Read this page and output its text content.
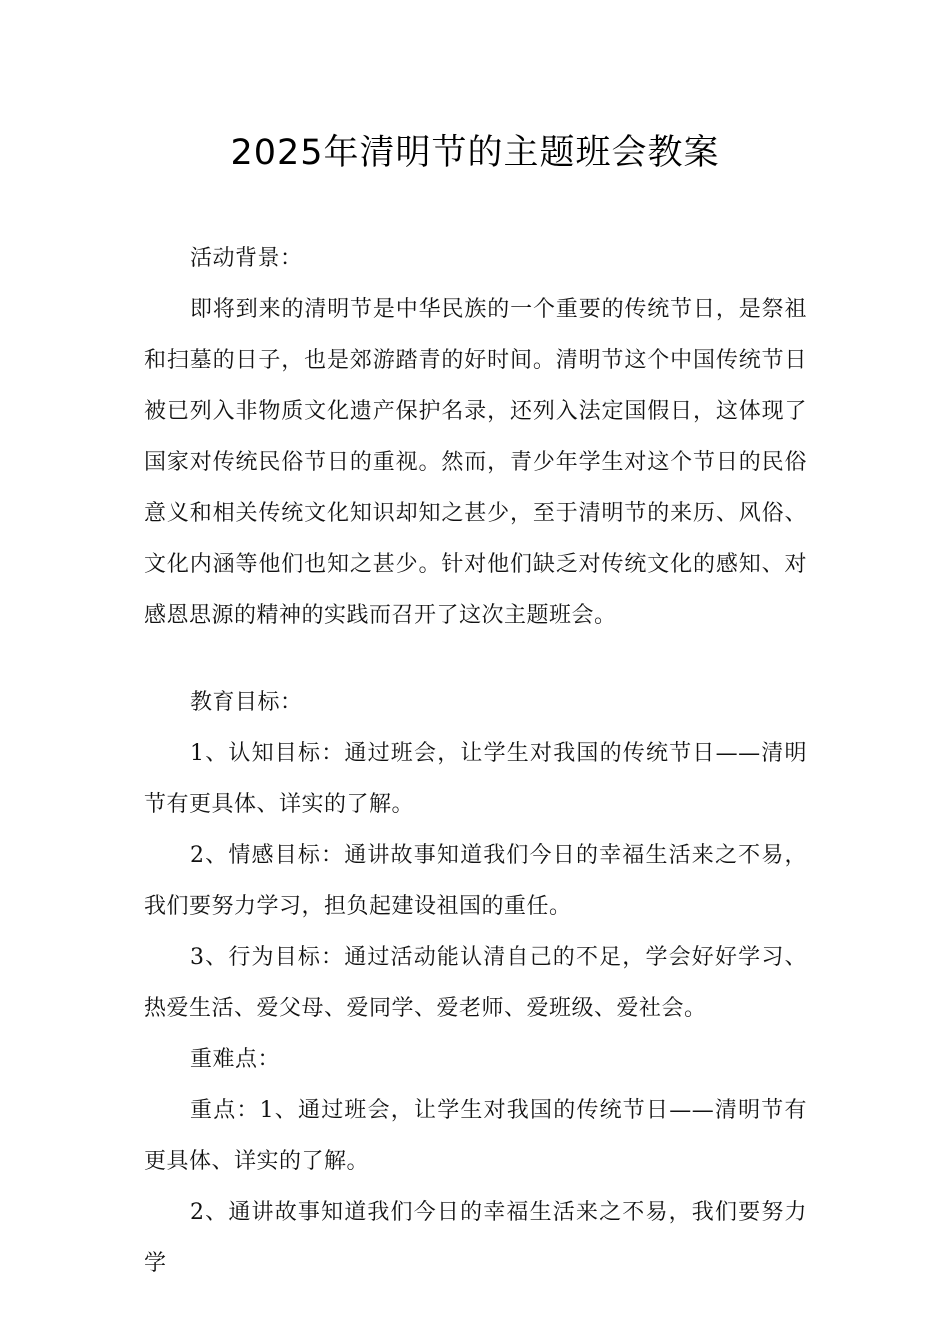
2025年清明节的主题班会教案

活动背景：

即将到来的清明节是中华民族的一个重要的传统节日，是祭祖和扫墓的日子，也是郊游踏青的好时间。清明节这个中国传统节日被已列入非物质文化遗产保护名录，还列入法定国假日，这体现了国家对传统民俗节日的重视。然而，青少年学生对这个节日的民俗意义和相关传统文化知识却知之甚少，至于清明节的来历、风俗、文化内涵等他们也知之甚少。针对他们缺乏对传统文化的感知、对感恩思源的精神的实践而召开了这次主题班会。

教育目标：

1、认知目标：通过班会，让学生对我国的传统节日——清明节有更具体、详实的了解。

2、情感目标：通讲故事知道我们今日的幸福生活来之不易，我们要努力学习，担负起建设祖国的重任。

3、行为目标：通过活动能认清自己的不足，学会好好学习、热爱生活、爱父母、爱同学、爱老师、爱班级、爱社会。

重难点：

重点：1、通过班会，让学生对我国的传统节日——清明节有更具体、详实的了解。

2、通讲故事知道我们今日的幸福生活来之不易，我们要努力学
